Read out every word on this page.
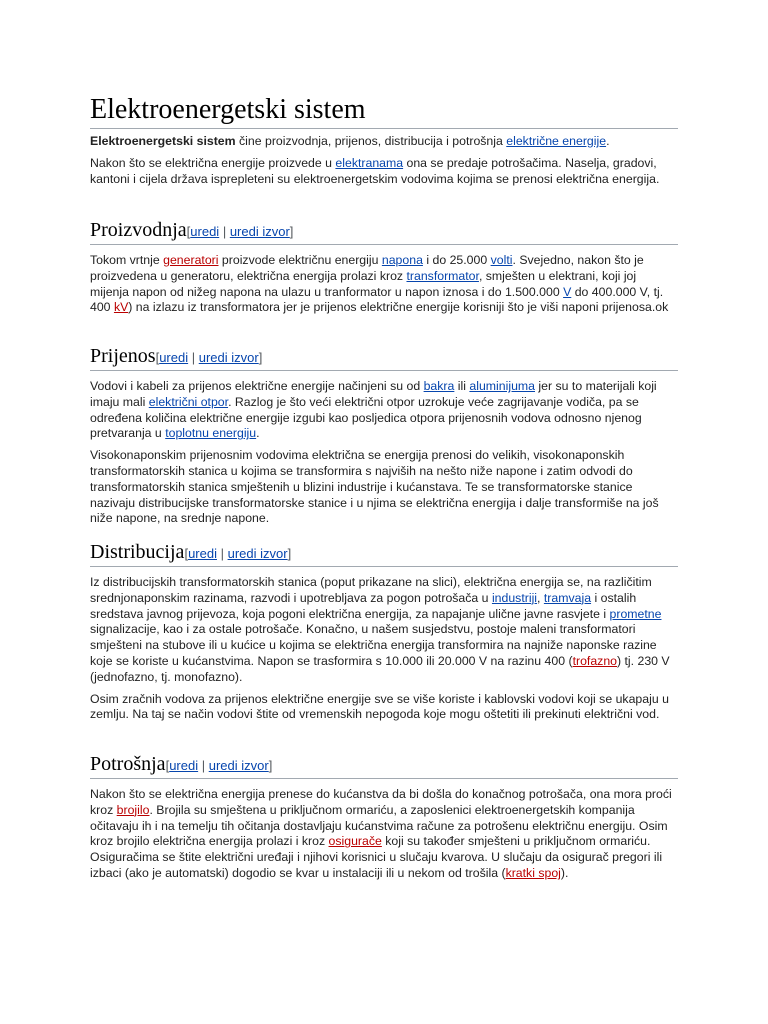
Elektroenergetski sistem

Elektroenergetski sistem čine proizvodnja, prijenos, distribucija i potrošnja električne energije.

Nakon što se električna energije proizvede u elektranama ona se predaje potrošačima. Naselja, gradovi, kantoni i cijela država isprepleteni su elektroenergetskim vodovima kojima se prenosi električna energija.

Proizvodnja[uredi | uredi izvor]

Tokom vrtnje generatori proizvode električnu energiju napona i do 25.000 volti. Svejedno, nakon što je proizvedena u generatoru, električna energija prolazi kroz transformator, smješten u elektrani, koji joj mijenja napon od nižeg napona na ulazu u tranformator u napon iznosa i do 1.500.000 V do 400.000 V, tj. 400 kV) na izlazu iz transformatora jer je prijenos električne energije korisniji što je viši naponi prijenosa.ok

Prijenos[uredi | uredi izvor]

Vodovi i kabeli za prijenos električne energije načinjeni su od bakra ili aluminijuma jer su to materijali koji imaju mali električni otpor. Razlog je što veći električni otpor uzrokuje veće zagrijavanje vodiča, pa se određena količina električne energije izgubi kao posljedica otpora prijenosnih vodova odnosno njenog pretvaranja u toplotnu energiju.

Visokonaponskim prijenosnim vodovima električna se energija prenosi do velikih, visokonaponskih transformatorskih stanica u kojima se transformira s najviših na nešto niže napone i zatim odvodi do transformatorskih stanica smještenih u blizini industrije i kućanstava. Te se transformatorske stanice nazivaju distribucijske transformatorske stanice i u njima se električna energija i dalje transformiše na još niže napone, na srednje napone.

Distribucija[uredi | uredi izvor]

Iz distribucijskih transformatorskih stanica (poput prikazane na slici), električna energija se, na različitim srednjonaponskim razinama, razvodi i upotrebljava za pogon potrošača u industriji, tramvaja i ostalih sredstava javnog prijevoza, koja pogoni električna energija, za napajanje ulične javne rasvjete i prometne signalizacije, kao i za ostale potrošače. Konačno, u našem susjedstvu, postoje maleni transformatori smješteni na stubove ili u kućice u kojima se električna energija transformira na najniže naponske razine koje se koriste u kućanstvima. Napon se trasformira s 10.000 ili 20.000 V na razinu 400 (trofazno) tj. 230 V (jednofazno, tj. monofazno).

Osim zračnih vodova za prijenos električne energije sve se više koriste i kablovski vodovi koji se ukapaju u zemlju. Na taj se način vodovi štite od vremenskih nepogoda koje mogu oštetiti ili prekinuti električni vod.

Potrošnja[uredi | uredi izvor]

Nakon što se električna energija prenese do kućanstva da bi došla do konačnog potrošača, ona mora proći kroz brojilo. Brojila su smještena u priključnom ormariću, a zaposlenici elektroenergetskih kompanija očitavaju ih i na temelju tih očitanja dostavljaju kućanstvima račune za potrošenu električnu energiju. Osim kroz brojilo električna energija prolazi i kroz osigurače koji su također smješteni u priključnom ormariću. Osiguračima se štite električni uređaji i njihovi korisnici u slučaju kvarova. U slučaju da osigurač pregori ili izbaci (ako je automatski) dogodio se kvar u instalaciji ili u nekom od trošila (kratki spoj).
